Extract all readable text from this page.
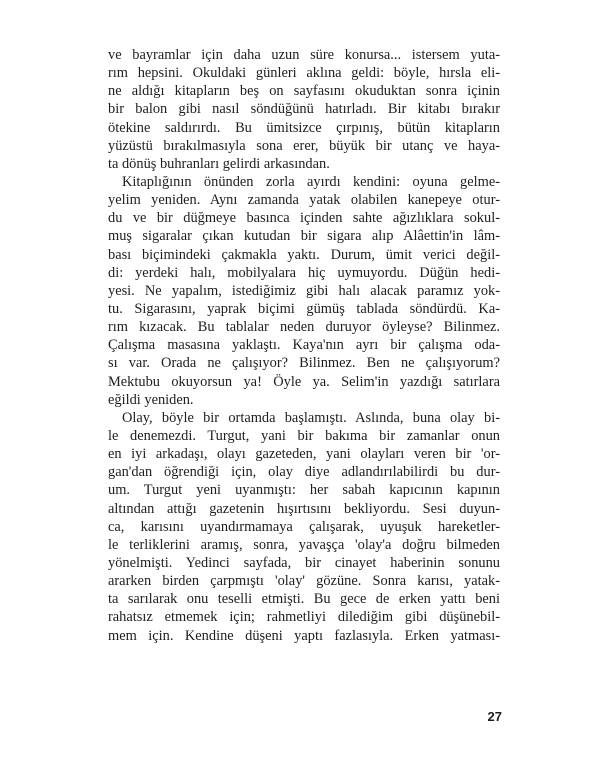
ve bayramlar için daha uzun süre konursa... istersem yuta-
rım hepsini. Okuldaki günleri aklına geldi: böyle, hırsla eli-
ne aldığı kitapların beş on sayfasını okuduktan sonra içinin
bir balon gibi nasıl söndüğünü hatırladı. Bir kitabı bırakır
ötekine saldırırdı. Bu ümitsizce çırpınış, bütün kitapların
yüzüstü bırakılmasıyla sona erer, büyük bir utanç ve haya-
ta dönüş buhranları gelirdi arkasından.
Kitaplığının önünden zorla ayırdı kendini: oyuna gelme-
yelim yeniden. Aynı zamanda yatak olabilen kanepeye otur-
du ve bir düğmeye basınca içinden sahte ağızlıklara sokul-
muş sigaralar çıkan kutudan bir sigara alıp Alâettin'in lâm-
bası biçimindeki çakmakla yaktı. Durum, ümit verici değil-
di: yerdeki halı, mobilyalara hiç uymuyordu. Düğün hedi-
yesi. Ne yapalım, istediğimiz gibi halı alacak paramız yok-
tu. Sigarasını, yaprak biçimi gümüş tablada söndürdü. Ka-
rım kızacak. Bu tablalar neden duruyor öyleyse? Bilinmez.
Çalışma masasına yaklaştı. Kaya'nın ayrı bir çalışma oda-
sı var. Orada ne çalışıyor? Bilinmez. Ben ne çalışıyorum?
Mektubu okuyorsun ya! Öyle ya. Selim'in yazdığı satırlara
eğildi yeniden.
Olay, böyle bir ortamda başlamıştı. Aslında, buna olay bi-
le denemezdi. Turgut, yani bir bakıma bir zamanlar onun
en iyi arkadaşı, olayı gazeteden, yani olayları veren bir 'or-
gan'dan öğrendiği için, olay diye adlandırılabilirdi bu dur-
um. Turgut yeni uyanmıştı: her sabah kapıcının kapının
altından attığı gazetenin hışırtısını bekliyordu. Sesi duyun-
ca, karısını uyandırmamaya çalışarak, uyuşuk hareketler-
le terliklerini aramış, sonra, yavaşça 'olay'a doğru bilmeden
yönelmişti. Yedinci sayfada, bir cinayet haberinin sonunu
ararken birden çarpmıştı 'olay' gözüne. Sonra karısı, yatak-
ta sarılarak onu teselli etmişti. Bu gece de erken yattı beni
rahatsız etmemek için; rahmetliyi dilediğim gibi düşünebil-
mem için. Kendine düşeni yaptı fazlasıyla. Erken yatması-
27
